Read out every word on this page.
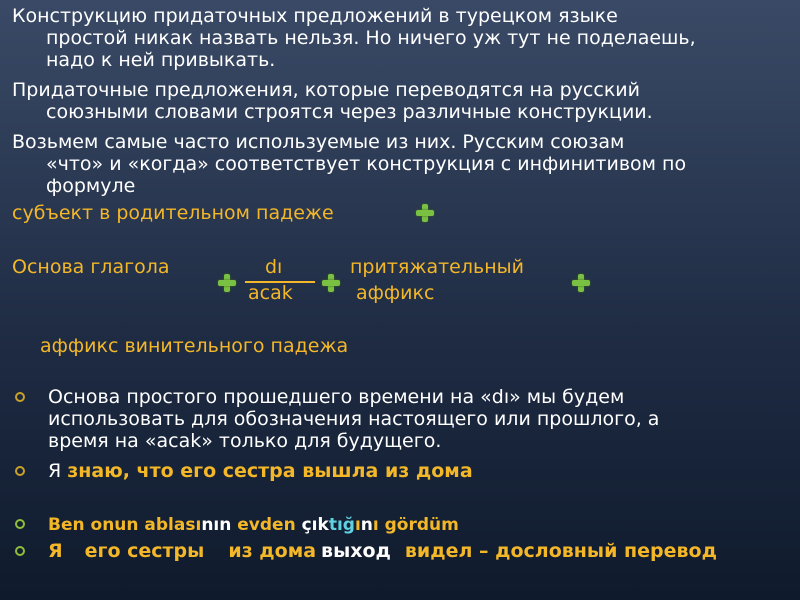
Конструкцию придаточных предложений в турецком языке
простой никак назвать нельзя. Но ничего уж тут не поделаешь,
надо к ней привыкать.
Придаточные предложения, которые переводятся на русский
союзными словами строятся через различные конструкции.
Возьмем самые часто используемые из них. Русским союзам
«что» и «когда» соответствует конструкция с инфинитивом по
формуле
субъект в родительном падеже
Основа глагола	dı
acak
притяжательный
аффикс
аффикс винительного падежа
Основа простого прошедшего времени на «dı» мы будем
использовать для обозначения настоящего или прошлого, а
время на «acak» только для будущего.
Я знаю, что его сестра вышла из дома
Ben onun ablasının evden çıktığını gördüm
Я его сестры из дома выход видел – дословный перевод
